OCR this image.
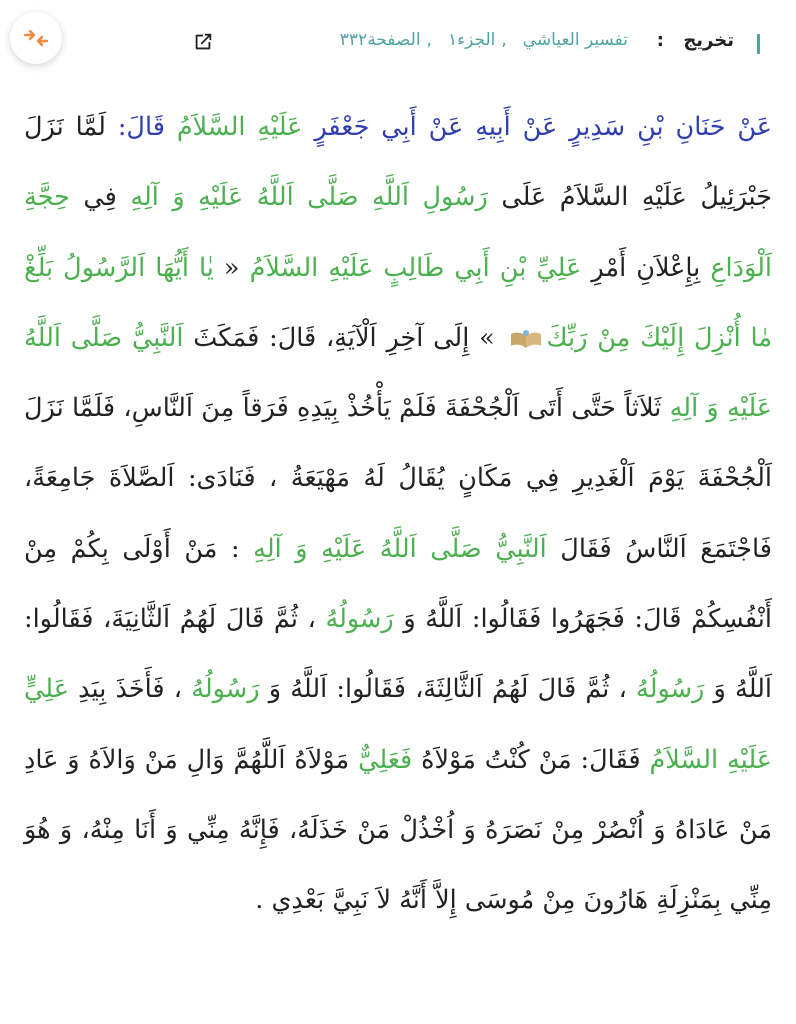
تخريج
:
تفسير العياشي,الجزء١,الصفحة٣٣٢
عَنْ حَنَانِ بْنِ سَدِيرٍ عَنْ أَبِيهِ عَنْ أَبِي جَعْفَرٍ عَلَيْهِ السَّلاَمُ قَالَ: لَمَّا نَزَلَ جَبْرَئِيلُ عَلَيْهِ السَّلاَمُ عَلَى رَسُولِ اَللَّهِ صَلَّى اَللَّهُ عَلَيْهِ وَ آلِهِ فِي حِجَّةِ اَلْوَدَاعِ بِإِعْلاَنِ أَمْرِ عَلِيِّ بْنِ أَبِي طَالِبٍ عَلَيْهِ السَّلاَمُ « يٰا أَيُّهَا اَلرَّسُولُ بَلِّغْ مٰا أُنْزِلَ إِلَيْكَ مِنْ رَبِّكَ » إِلَى آخِرِ اَلْآيَةِ، قَالَ: فَمَكَثَ اَلنَّبِيُّ صَلَّى اَللَّهُ عَلَيْهِ وَ آلِهِ ثَلاَثاً حَتَّى أَتَى اَلْجُحْفَةَ فَلَمْ يَأْخُذْ بِيَدِهِ فَرَقاً مِنَ اَلنَّاسِ، فَلَمَّا نَزَلَ اَلْجُحْفَةَ يَوْمَ اَلْغَدِيرِ فِي مَكَانٍ يُقَالُ لَهُ مَهْيَعَةُ ، فَنَادَى: اَلصَّلاَةَ جَامِعَةً، فَاجْتَمَعَ اَلنَّاسُ فَقَالَ اَلنَّبِيُّ صَلَّى اَللَّهُ عَلَيْهِ وَ آلِهِ : مَنْ أَوْلَى بِكُمْ مِنْ أَنْفُسِكُمْ قَالَ: فَجَهَرُوا فَقَالُوا: اَللَّهُ وَ رَسُولُهُ ، ثُمَّ قَالَ لَهُمُ اَلثَّانِيَةَ، فَقَالُوا: اَللَّهُ وَ رَسُولُهُ ، ثُمَّ قَالَ لَهُمُ اَلثَّالِثَةَ، فَقَالُوا: اَللَّهُ وَ رَسُولُهُ ، فَأَخَذَ بِيَدِ عَلِيٍّ عَلَيْهِ السَّلاَمُ فَقَالَ: مَنْ كُنْتُ مَوْلاَهُ فَعَلِيٌّ مَوْلاَهُ اَللَّهُمَّ وَالِ مَنْ وَالاَهُ وَ عَادِ مَنْ عَادَاهُ وَ اُنْصُرْ مِنْ نَصَرَهُ وَ اُخْذُلْ مَنْ خَذَلَهُ، فَإِنَّهُ مِنِّي وَ أَنَا مِنْهُ، وَ هُوَ مِنِّي بِمَنْزِلَةِ هَارُونَ مِنْ مُوسَى إِلاَّ أَنَّهُ لاَ نَبِيَّ بَعْدِي .
